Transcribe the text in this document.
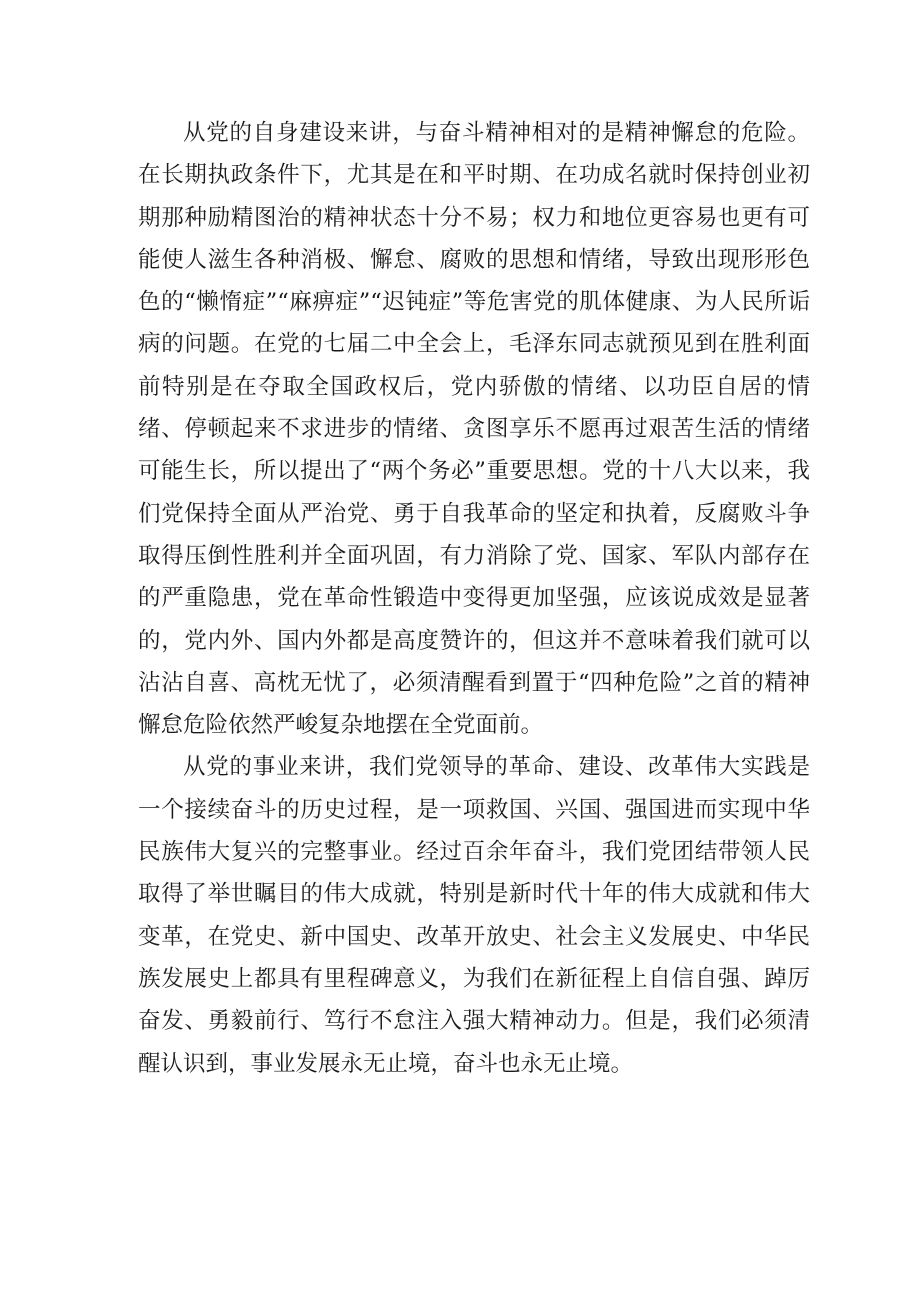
从党的自身建设来讲，与奋斗精神相对的是精神懈怠的危险。在长期执政条件下，尤其是在和平时期、在功成名就时保持创业初期那种励精图治的精神状态十分不易；权力和地位更容易也更有可能使人滋生各种消极、懈怠、腐败的思想和情绪，导致出现形形色色的“懒惰症”“麻痹症”“迟钝症”等危害党的肌体健康、为人民所诟病的问题。在党的七届二中全会上，毛泽东同志就预见到在胜利面前特别是在夺取全国政权后，党内骄傲的情绪、以功臣自居的情绪、停顿起来不求进步的情绪、贪图享乐不愿再过艰苦生活的情绪可能生长，所以提出了“两个务必”重要思想。党的十八大以来，我们党保持全面从严治党、勇于自我革命的坚定和执着，反腐败斗争取得压倒性胜利并全面巩固，有力消除了党、国家、军队内部存在的严重隐患，党在革命性锻造中变得更加坚强，应该说成效是显著的，党内外、国内外都是高度赞许的，但这并不意味着我们就可以沾沾自喜、高枕无忧了，必须清醒看到置于“四种危险”之首的精神懈怠危险依然严峻复杂地摆在全党面前。

从党的事业来讲，我们党领导的革命、建设、改革伟大实践是一个接续奋斗的历史过程，是一项救国、兴国、强国进而实现中华民族伟大复兴的完整事业。经过百余年奋斗，我们党团结带领人民取得了举世瞩目的伟大成就，特别是新时代十年的伟大成就和伟大变革，在党史、新中国史、改革开放史、社会主义发展史、中华民族发展史上都具有里程碑意义，为我们在新征程上自信自强、踔厉奋发、勇毅前行、笃行不怠注入强大精神动力。但是，我们必须清醒认识到，事业发展永无止境，奋斗也永无止境。
